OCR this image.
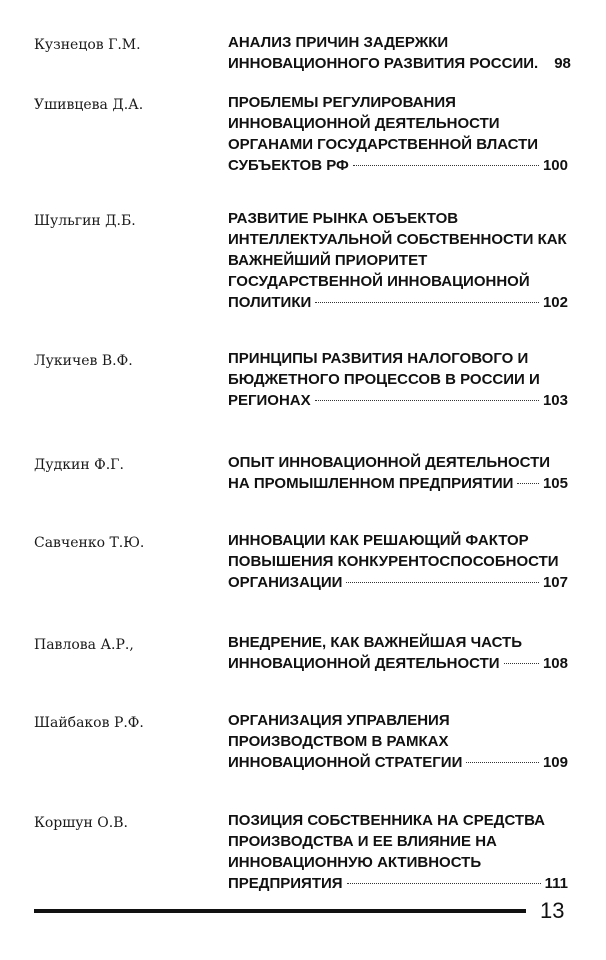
Кузнецов Г.М.	АНАЛИЗ ПРИЧИН ЗАДЕРЖКИ
ИННОВАЦИОННОГО РАЗВИТИЯ РОССИИ. 98
Ушивцева Д.А.	ПРОБЛЕМЫ РЕГУЛИРОВАНИЯ
ИННОВАЦИОННОЙ ДЕЯТЕЛЬНОСТИ
ОРГАНАМИ ГОСУДАРСТВЕННОЙ ВЛАСТИ
СУБЪЕКТОВ РФ	100
Шульгин Д.Б.	РАЗВИТИЕ РЫНКА ОБЪЕКТОВ
ИНТЕЛЛЕКТУАЛЬНОЙ СОБСТВЕННОСТИ КАК
ВАЖНЕЙШИЙ ПРИОРИТЕТ
ГОСУДАРСТВЕННОЙ ИННОВАЦИОННОЙ
ПОЛИТИКИ	102
Лукичев В.Ф.	ПРИНЦИПЫ РАЗВИТИЯ НАЛОГОВОГО И
БЮДЖЕТНОГО ПРОЦЕССОВ В РОССИИ И
РЕГИОНАХ	103
Дудкин Ф.Г.	ОПЫТ ИННОВАЦИОННОЙ ДЕЯТЕЛЬНОСТИ
НА ПРОМЫШЛЕННОМ ПРЕДПРИЯТИИ 105
Савченко Т.Ю.	ИННОВАЦИИ КАК РЕШАЮЩИЙ ФАКТОР
ПОВЫШЕНИЯ КОНКУРЕНТОСПОСОБНОСТИ
ОРГАНИЗАЦИИ	107
Павлова А.Р.,	ВНЕДРЕНИЕ, КАК ВАЖНЕЙШАЯ ЧАСТЬ
ИННОВАЦИОННОЙ ДЕЯТЕЛЬНОСТИ	108
Шайбаков Р.Ф.	ОРГАНИЗАЦИЯ УПРАВЛЕНИЯ
ПРОИЗВОДСТВОМ В РАМКАХ
ИННОВАЦИОННОЙ СТРАТЕГИИ	109
Коршун О.В.	ПОЗИЦИЯ СОБСТВЕННИКА НА СРЕДСТВА
ПРОИЗВОДСТВА И ЕЕ ВЛИЯНИЕ НА
ИННОВАЦИОННУЮ АКТИВНОСТЬ
ПРЕДПРИЯТИЯ	111
13
